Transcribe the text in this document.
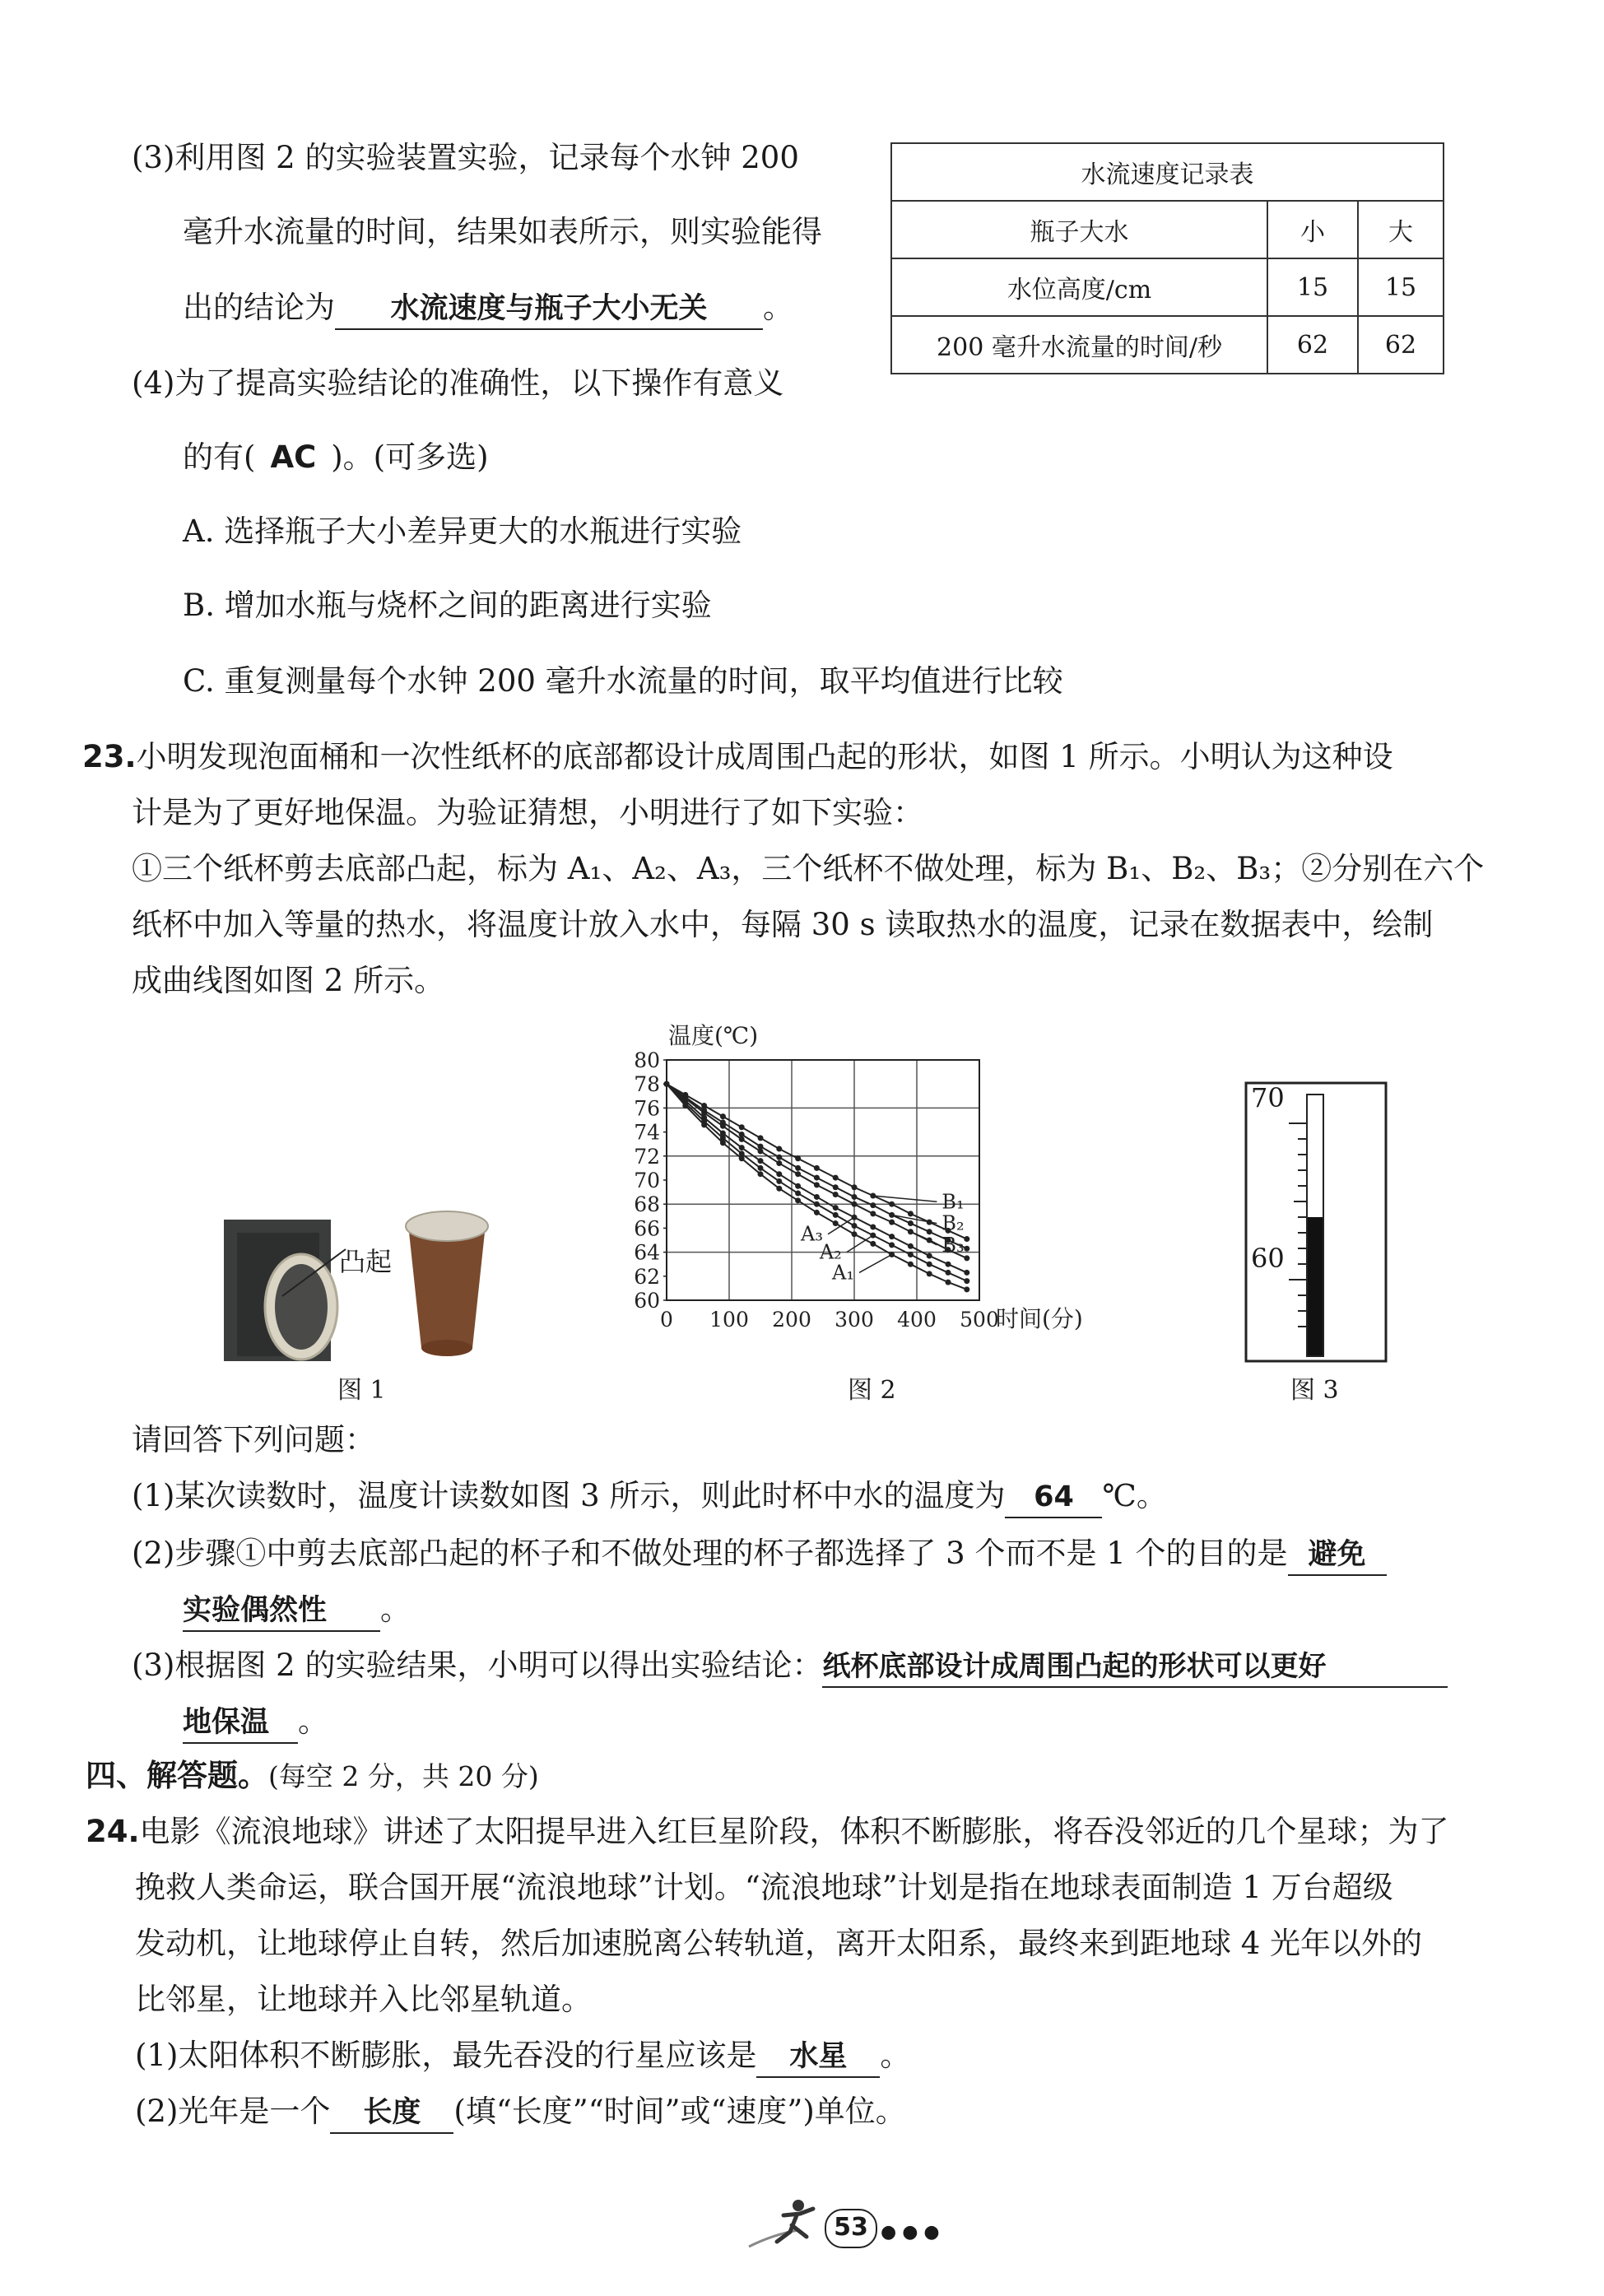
(3)利用图 2 的实验装置实验，记录每个水钟 200
毫升水流量的时间，结果如表所示，则实验能得
出的结论为 水流速度与瓶子大小无关 。
(4)为了提高实验结论的准确性，以下操作有意义
的有( AC )。(可多选)
A. 选择瓶子大小差异更大的水瓶进行实验
B. 增加水瓶与烧杯之间的距离进行实验
C. 重复测量每个水钟 200 毫升水流量的时间，取平均值进行比较
水流速度记录表		
瓶子大水	小	大
水位高度/cm	15	15
200 毫升水流量的时间/秒	62	62
23.小明发现泡面桶和一次性纸杯的底部都设计成周围凸起的形状，如图 1 所示。小明认为这种设
计是为了更好地保温。为验证猜想，小明进行了如下实验：
①三个纸杯剪去底部凸起，标为 A₁、A₂、A₃，三个纸杯不做处理，标为 B₁、B₂、B₃；②分别在六个
纸杯中加入等量的热水，将温度计放入水中，每隔 30 s 读取热水的温度，记录在数据表中，绘制
成曲线图如图 2 所示。
凸起
图 1
60
62
64
66
68
70
72
74
76
78
80
0 100 200 300 400 500
温度(℃)
时间(分)
B₁
B₂
B₃
A₃
A₂
A₁
图 2
70
60
图 3
请回答下列问题：
(1)某次读数时，温度计读数如图 3 所示，则此时杯中水的温度为 64 ℃。
(2)步骤①中剪去底部凸起的杯子和不做处理的杯子都选择了 3 个而不是 1 个的目的是 避免
实验偶然性 。
(3)根据图 2 的实验结果，小明可以得出实验结论：纸杯底部设计成周围凸起的形状可以更好
地保温 。
四、解答题。(每空 2 分，共 20 分)
24.电影《流浪地球》讲述了太阳提早进入红巨星阶段，体积不断膨胀，将吞没邻近的几个星球；为了
挽救人类命运，联合国开展“流浪地球”计划。“流浪地球”计划是指在地球表面制造 1 万台超级
发动机，让地球停止自转，然后加速脱离公转轨道，离开太阳系，最终来到距地球 4 光年以外的
比邻星，让地球并入比邻星轨道。
(1)太阳体积不断膨胀，最先吞没的行星应该是 水星 。
(2)光年是一个 长度 (填“长度”“时间”或“速度”)单位。
53 ● ● ●
